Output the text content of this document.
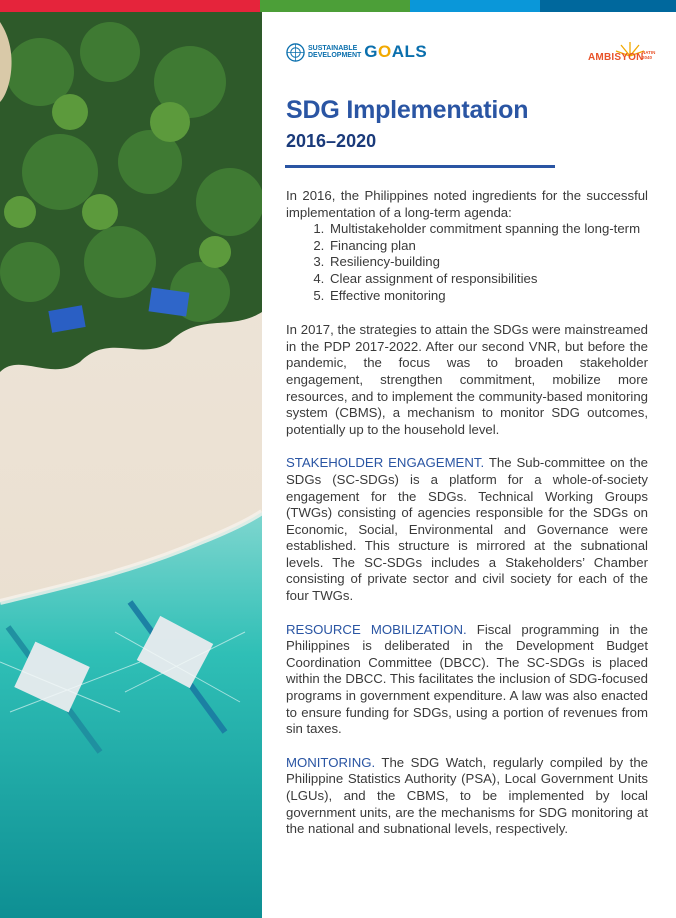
SUSTAINABLE
DEVELOPMENT GOALS	AMBISYON
NATIN
2040
SDG Implementation
2016–2020

In 2016, the Philippines noted ingredients for the successful implementation of a long-term agenda:

1. Multistakeholder commitment spanning the long-term
2. Financing plan
3. Resiliency-building
4. Clear assignment of responsibilities
5. Effective monitoring

In 2017, the strategies to attain the SDGs were mainstreamed in the PDP 2017-2022. After our second VNR, but before the pandemic, the focus was to broaden stakeholder engagement, strengthen commitment, mobilize more resources, and to implement the community-based monitoring system (CBMS), a mechanism to monitor SDG outcomes, potentially up to the household level.

STAKEHOLDER ENGAGEMENT. The Sub-committee on the SDGs (SC-SDGs) is a platform for a whole-of-society engagement for the SDGs. Technical Working Groups (TWGs) consisting of agencies responsible for the SDGs on Economic, Social, Environmental and Governance were established. This structure is mirrored at the subnational levels. The SC-SDGs includes a Stakeholders’ Chamber consisting of private sector and civil society for each of the four TWGs.

RESOURCE MOBILIZATION. Fiscal programming in the Philippines is deliberated in the Development Budget Coordination Committee (DBCC). The SC-SDGs is placed within the DBCC. This facilitates the inclusion of SDG-focused programs in government expenditure. A law was also enacted to ensure funding for SDGs, using a portion of revenues from sin taxes.

MONITORING. The SDG Watch, regularly compiled by the Philippine Statistics Authority (PSA), Local Government Units (LGUs), and the CBMS, to be implemented by local government units, are the mechanisms for SDG monitoring at the national and subnational levels, respectively.
